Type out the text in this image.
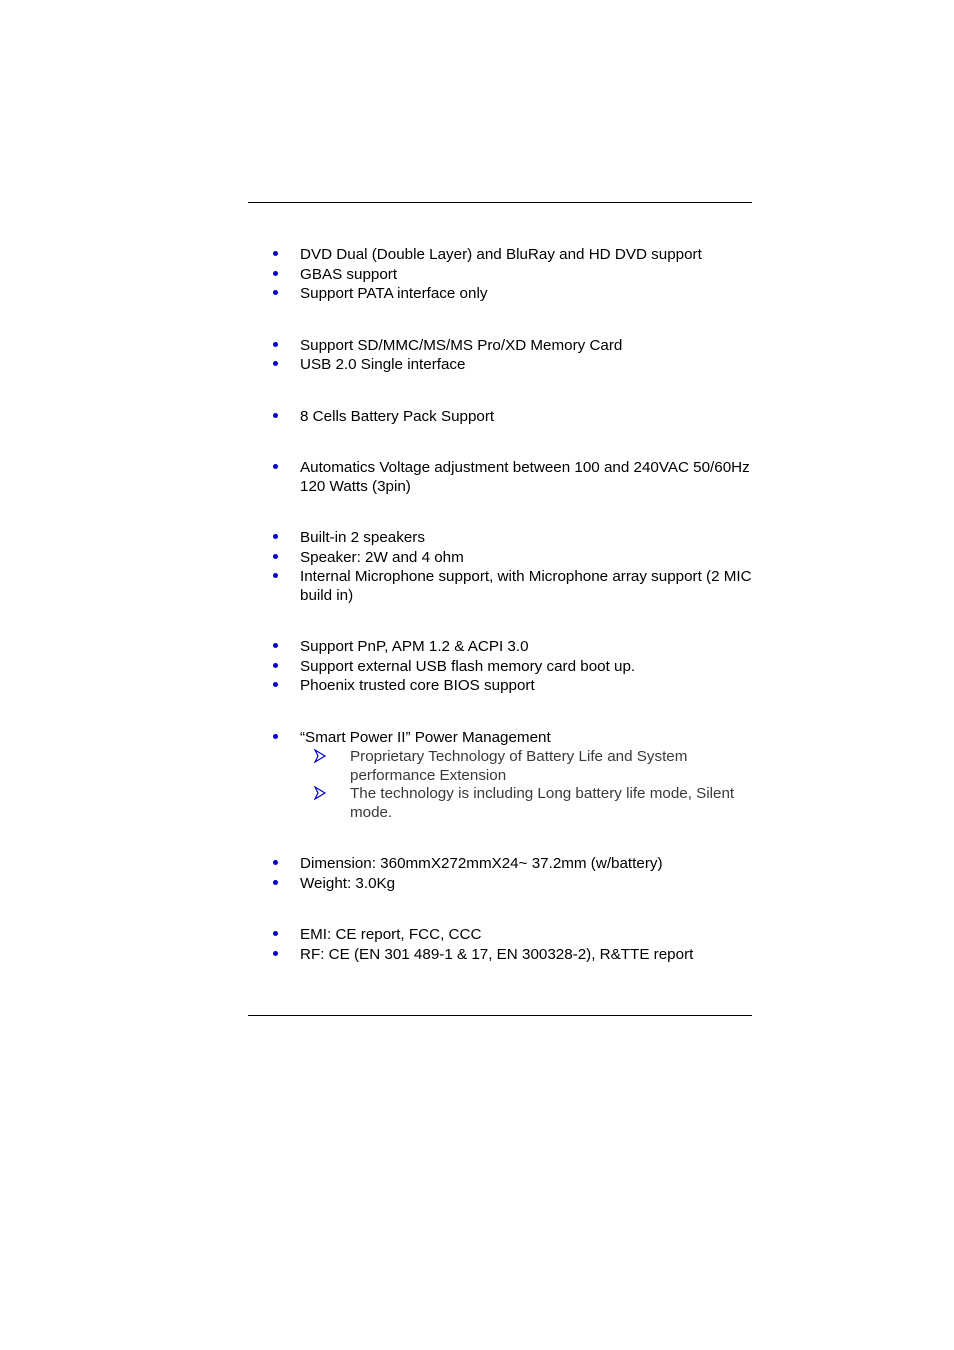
DVD Dual (Double Layer) and BluRay and HD DVD support
GBAS support
Support PATA interface only
Support SD/MMC/MS/MS Pro/XD Memory Card
USB 2.0 Single interface
8 Cells Battery Pack Support
Automatics Voltage adjustment between 100 and 240VAC 50/60Hz 120 Watts (3pin)
Built-in 2 speakers
Speaker: 2W and 4 ohm
Internal Microphone support, with Microphone array support (2 MIC build in)
Support PnP, APM 1.2 & ACPI 3.0
Support external USB flash memory card boot up.
Phoenix trusted core BIOS support
“Smart Power II” Power Management
Proprietary Technology of Battery Life and System performance Extension
The technology is including Long battery life mode, Silent mode.
Dimension: 360mmX272mmX24~ 37.2mm (w/battery)
Weight: 3.0Kg
EMI: CE report, FCC, CCC
RF: CE (EN 301 489-1 & 17, EN 300328-2), R&TTE report
